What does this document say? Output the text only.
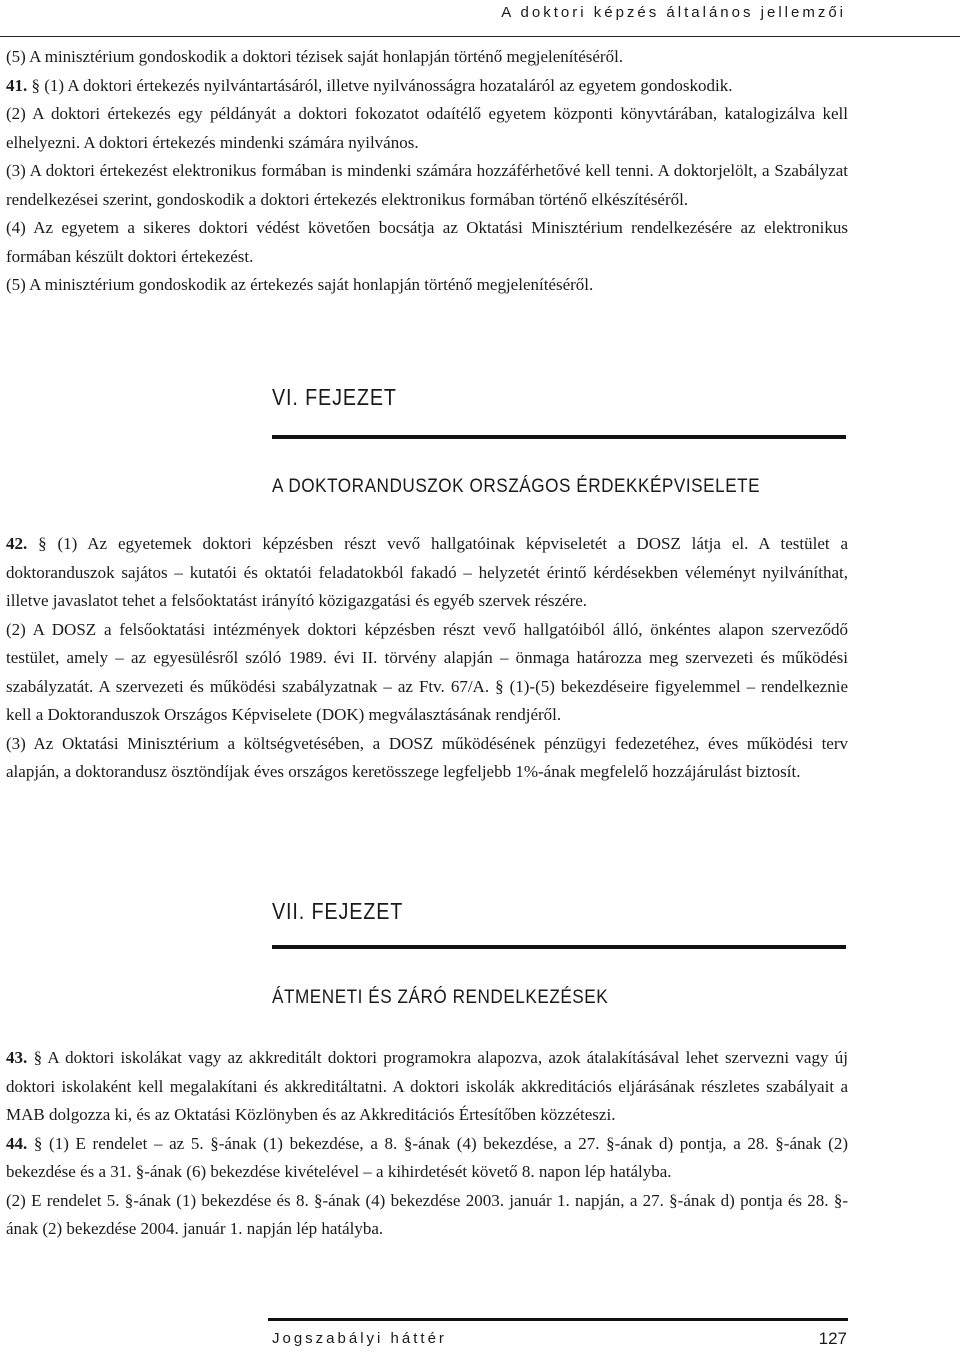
A doktori képzés általános jellemzői

(5) A minisztérium gondoskodik a doktori tézisek saját honlapján történő megjelenítéséről.

41. § (1) A doktori értekezés nyilvántartásáról, illetve nyilvánosságra hozataláról az egyetem gondoskodik.

(2) A doktori értekezés egy példányát a doktori fokozatot odaítélő egyetem központi könyvtárában, katalogizálva kell elhelyezni. A doktori értekezés mindenki számára nyilvános.

(3) A doktori értekezést elektronikus formában is mindenki számára hozzáférhetővé kell tenni. A doktorjelölt, a Szabályzat rendelkezései szerint, gondoskodik a doktori értekezés elektronikus formában történő elkészítéséről.

(4) Az egyetem a sikeres doktori védést követően bocsátja az Oktatási Minisztérium rendelkezésére az elektronikus formában készült doktori értekezést.

(5) A minisztérium gondoskodik az értekezés saját honlapján történő megjelenítéséről.

VI. FEJEZET
A DOKTORANDUSZOK ORSZÁGOS ÉRDEKKÉPVISELETE

42. § (1) Az egyetemek doktori képzésben részt vevő hallgatóinak képviseletét a DOSZ látja el. A testület a doktoranduszok sajátos – kutatói és oktatói feladatokból fakadó – helyzetét érintő kérdésekben véleményt nyilváníthat, illetve javaslatot tehet a felsőoktatást irányító közigazgatási és egyéb szervek részére.

(2) A DOSZ a felsőoktatási intézmények doktori képzésben részt vevő hallgatóiból álló, önkéntes alapon szerveződő testület, amely – az egyesülésről szóló 1989. évi II. törvény alapján – önmaga határozza meg szervezeti és működési szabályzatát. A szervezeti és működési szabályzatnak – az Ftv. 67/A. § (1)-(5) bekezdéseire figyelemmel – rendelkeznie kell a Doktoranduszok Országos Képviselete (DOK) megválasztásának rendjéről.

(3) Az Oktatási Minisztérium a költségvetésében, a DOSZ működésének pénzügyi fedezetéhez, éves működési terv alapján, a doktorandusz ösztöndíjak éves országos keretösszege legfeljebb 1%-ának megfelelő hozzájárulást biztosít.

VII. FEJEZET
ÁTMENETI ÉS ZÁRÓ RENDELKEZÉSEK

43. § A doktori iskolákat vagy az akkreditált doktori programokra alapozva, azok átalakításával lehet szervezni vagy új doktori iskolaként kell megalakítani és akkreditáltatni. A doktori iskolák akkreditációs eljárásának részletes szabályait a MAB dolgozza ki, és az Oktatási Közlönyben és az Akkreditációs Értesítőben közzéteszi.

44. § (1) E rendelet – az 5. §-ának (1) bekezdése, a 8. §-ának (4) bekezdése, a 27. §-ának d) pontja, a 28. §-ának (2) bekezdése és a 31. §-ának (6) bekezdése kivételével – a kihirdetését követő 8. napon lép hatályba.

(2) E rendelet 5. §-ának (1) bekezdése és 8. §-ának (4) bekezdése 2003. január 1. napján, a 27. §-ának d) pontja és 28. §-ának (2) bekezdése 2004. január 1. napján lép hatályba.

Jogszabályi háttér	127
